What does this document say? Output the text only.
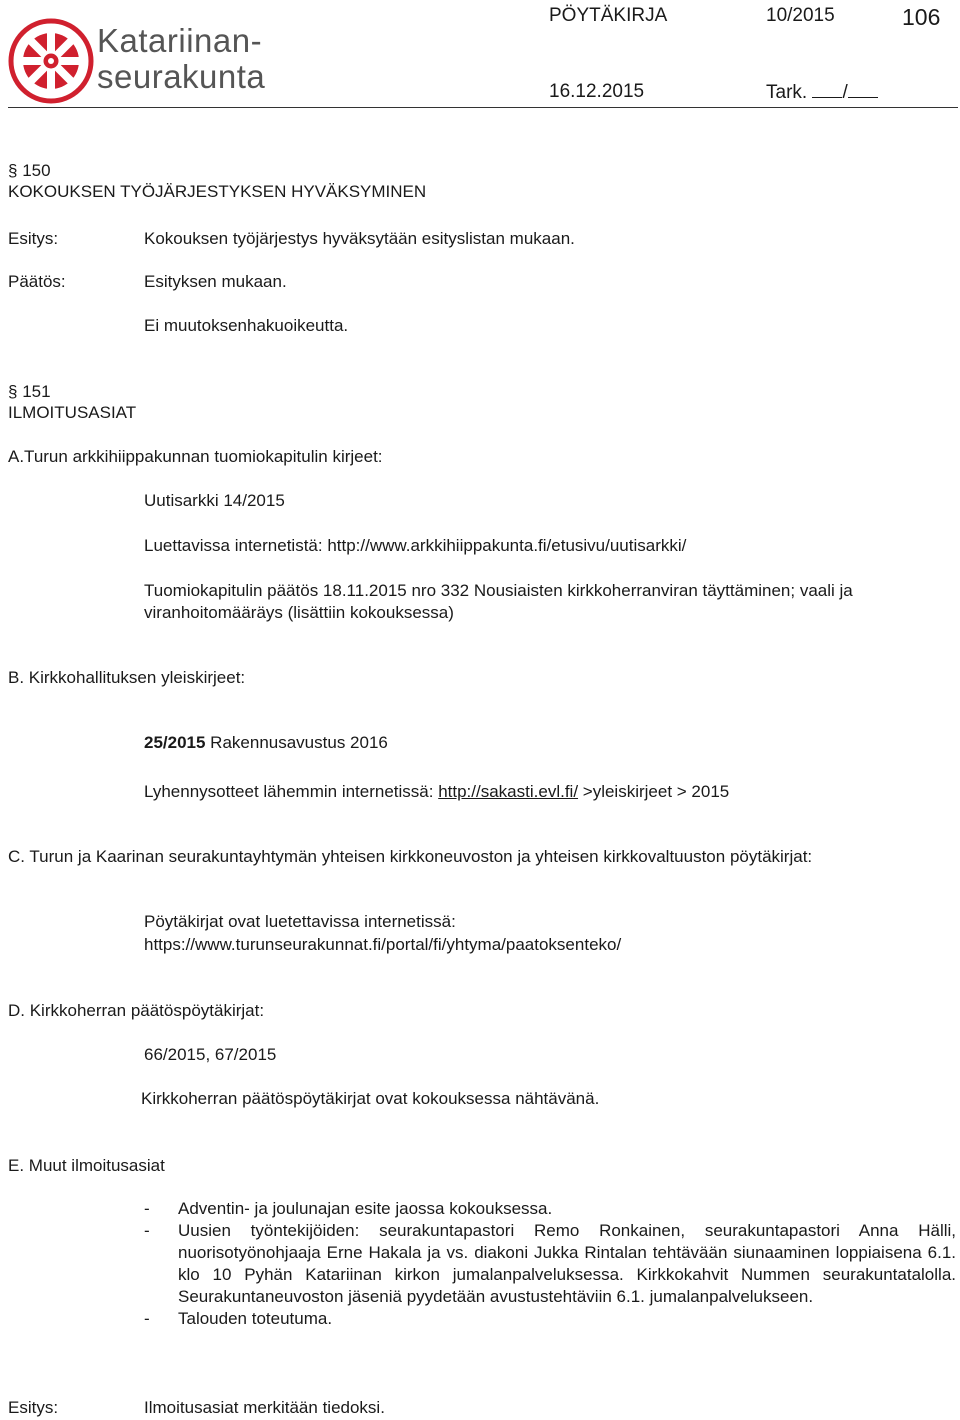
Katariinan-
seurakunta
PÖYTÄKIRJA	10/2015	106
16.12.2015	Tark. /
§ 150
KOKOUKSEN TYÖJÄRJESTYKSEN HYVÄKSYMINEN
Esitys:	Kokouksen työjärjestys hyväksytään esityslistan mukaan.
Päätös:	Esityksen mukaan.
Ei muutoksenhakuoikeutta.
§ 151
ILMOITUSASIAT
A.Turun arkkihiippakunnan tuomiokapitulin kirjeet:
Uutisarkki 14/2015
Luettavissa internetistä: http://www.arkkihiippakunta.fi/etusivu/uutisarkki/
Tuomiokapitulin päätös 18.11.2015 nro 332 Nousiaisten kirkkoherranviran täyttäminen; vaali ja viranhoitomääräys (lisättiin kokouksessa)
B. Kirkkohallituksen yleiskirjeet:
25/2015 Rakennusavustus 2016
Lyhennysotteet lähemmin internetissä: http://sakasti.evl.fi/ >yleiskirjeet > 2015
C. Turun ja Kaarinan seurakuntayhtymän yhteisen kirkkoneuvoston ja yhteisen kirkkovaltuuston pöytäkirjat:
Pöytäkirjat ovat luetettavissa internetissä:
https://www.turunseurakunnat.fi/portal/fi/yhtyma/paatoksenteko/
D. Kirkkoherran päätöspöytäkirjat:
66/2015, 67/2015
Kirkkoherran päätöspöytäkirjat ovat kokouksessa nähtävänä.
E. Muut ilmoitusasiat
- Adventin- ja joulunajan esite jaossa kokouksessa.
- Uusien työntekijöiden: seurakuntapastori Remo Ronkainen, seurakuntapastori Anna Hälli, nuorisotyönohjaaja Erne Hakala ja vs. diakoni Jukka Rintalan tehtävään siunaaminen loppiaisena 6.1. klo 10 Pyhän Katariinan kirkon jumalanpalveluksessa. Kirkkokahvit Nummen seurakuntatalolla. Seurakuntaneuvoston jäseniä pyydetään avustustehtäviin 6.1. jumalanpalvelukseen.
- Talouden toteutuma.
Esitys:	Ilmoitusasiat merkitään tiedoksi.
